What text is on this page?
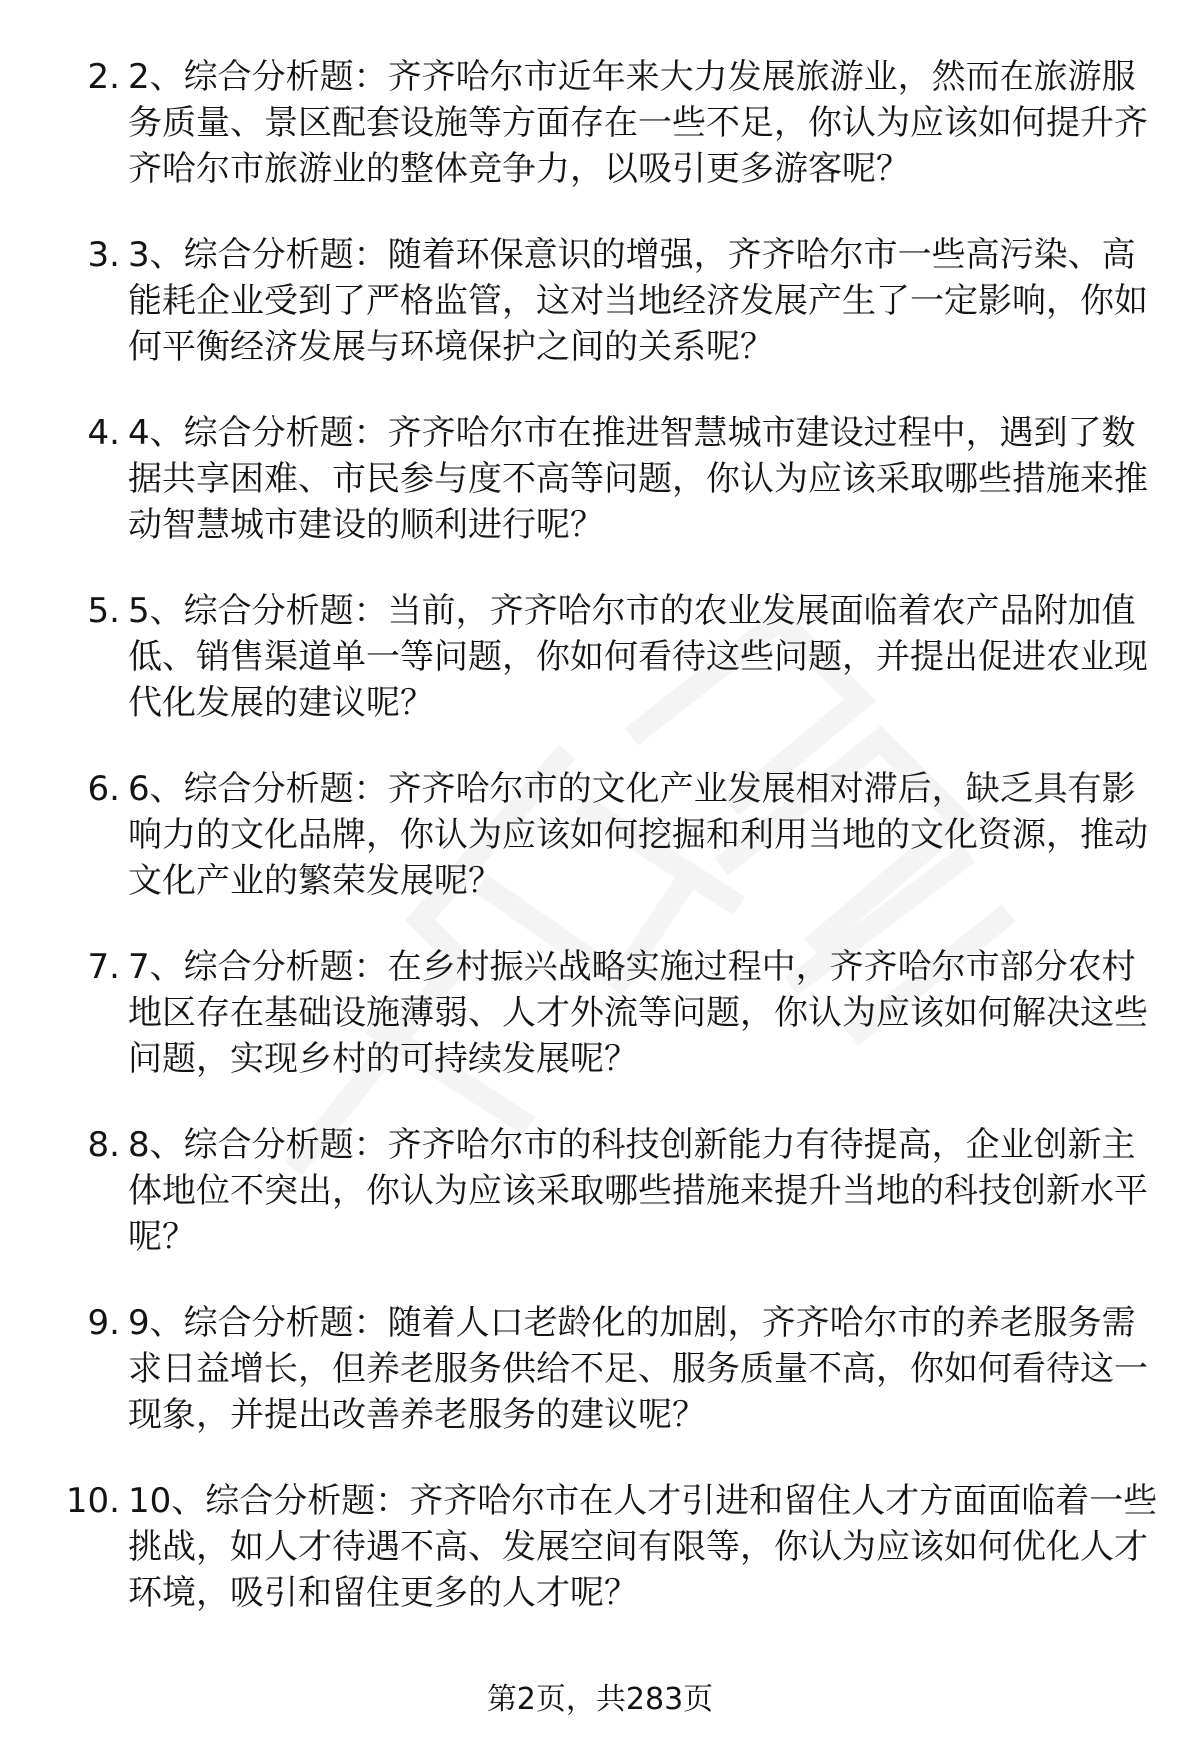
2. 2、综合分析题：齐齐哈尔市近年来大力发展旅游业，然而在旅游服务质量、景区配套设施等方面存在一些不足，你认为应该如何提升齐齐哈尔市旅游业的整体竞争力，以吸引更多游客呢？

3. 3、综合分析题：随着环保意识的增强，齐齐哈尔市一些高污染、高能耗企业受到了严格监管，这对当地经济发展产生了一定影响，你如何平衡经济发展与环境保护之间的关系呢？

4. 4、综合分析题：齐齐哈尔市在推进智慧城市建设过程中，遇到了数据共享困难、市民参与度不高等问题，你认为应该采取哪些措施来推动智慧城市建设的顺利进行呢？

5. 5、综合分析题：当前，齐齐哈尔市的农业发展面临着农产品附加值低、销售渠道单一等问题，你如何看待这些问题，并提出促进农业现代化发展的建议呢？

6. 6、综合分析题：齐齐哈尔市的文化产业发展相对滞后，缺乏具有影响力的文化品牌，你认为应该如何挖掘和利用当地的文化资源，推动文化产业的繁荣发展呢？

7. 7、综合分析题：在乡村振兴战略实施过程中，齐齐哈尔市部分农村地区存在基础设施薄弱、人才外流等问题，你认为应该如何解决这些问题，实现乡村的可持续发展呢？

8. 8、综合分析题：齐齐哈尔市的科技创新能力有待提高，企业创新主体地位不突出，你认为应该采取哪些措施来提升当地的科技创新水平呢？

9. 9、综合分析题：随着人口老龄化的加剧，齐齐哈尔市的养老服务需求日益增长，但养老服务供给不足、服务质量不高，你如何看待这一现象，并提出改善养老服务的建议呢？

10. 10、综合分析题：齐齐哈尔市在人才引进和留住人才方面面临着一些挑战，如人才待遇不高、发展空间有限等，你认为应该如何优化人才环境，吸引和留住更多的人才呢？

第2页，共283页
